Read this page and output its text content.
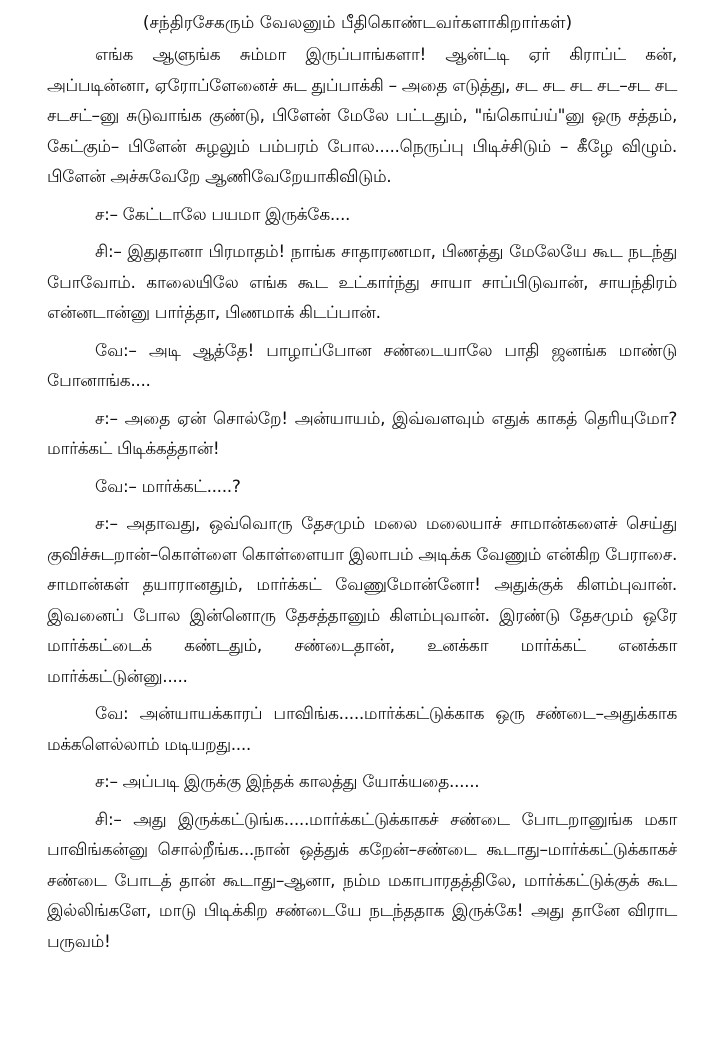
(சந்திரசேகரும் வேலனும் பீதிகொண்டவர்களாகிறார்கள்)

எங்க ஆளுங்க சும்மா இருப்பாங்களா! ஆன்ட்டி ஏர் கிராப்ட் கன், அப்படின்னா, ஏரோப்ளேனைச் சுட துப்பாக்கி – அதை எடுத்து, சட சட சட சட–சட சட சடசட்–னு சுடுவாங்க குண்டு, பிளேன் மேலே பட்டதும், "ங்கொய்ய்"னு ஒரு சத்தம், கேட்கும்– பிளேன் சுழலும் பம்பரம் போல.....நெருப்பு பிடிச்சிடும் – கீழே விழும். பிளேன் அச்சுவேறே ஆணிவேறேயாகிவிடும்.

ச:– கேட்டாலே பயமா இருக்கே....

சி:– இதுதானா பிரமாதம்! நாங்க சாதாரணமா, பிணத்து மேலேயே கூட நடந்து போவோம். காலையிலே எங்க கூட உட்கார்ந்து சாயா சாப்பிடுவான், சாயந்திரம் என்னடான்னு பார்த்தா, பிணமாக் கிடப்பான்.

வே:– அடி ஆத்தே! பாழாப்போன சண்டையாலே பாதி ஜனங்க மாண்டு போனாங்க....

ச:– அதை ஏன் சொல்றே! அன்யாயம், இவ்வளவும் எதுக் காகத் தெரியுமோ? மார்க்கட் பிடிக்கத்தான்!

வே:– மார்க்கட்.....?

ச:– அதாவது, ஒவ்வொரு தேசமும் மலை மலையாச் சாமான்களைச் செய்து குவிச்சுடறான்–கொள்ளை கொள்ளையா இலாபம் அடிக்க வேணும் என்கிற பேராசை. சாமான்கள் தயாரானதும், மார்க்கட் வேணுமோன்னோ! அதுக்குக் கிளம்புவான். இவனைப் போல இன்னொரு தேசத்தானும் கிளம்புவான். இரண்டு தேசமும் ஒரே மார்க்கட்டைக் கண்டதும், சண்டைதான், உனக்கா மார்க்கட் எனக்கா மார்க்கட்டுன்னு.....

வே: அன்யாயக்காரப் பாவிங்க.....மார்க்கட்டுக்காக ஒரு சண்டை–அதுக்காக மக்களெல்லாம் மடியறது....

ச:– அப்படி இருக்கு இந்தக் காலத்து யோக்யதை......

சி:– அது இருக்கட்டுங்க.....மார்க்கட்டுக்காகச் சண்டை போடறானுங்க மகா பாவிங்கன்னு சொல்றீங்க...நான் ஒத்துக் கறேன்–சண்டை கூடாது–மார்க்கட்டுக்காகச் சண்டை போடத் தான் கூடாது–ஆனா, நம்ம மகாபாரதத்திலே, மார்க்கட்டுக்குக் கூட இல்லிங்களே, மாடு பிடிக்கிற சண்டையே நடந்ததாக இருக்கே! அது தானே விராட பருவம்!
